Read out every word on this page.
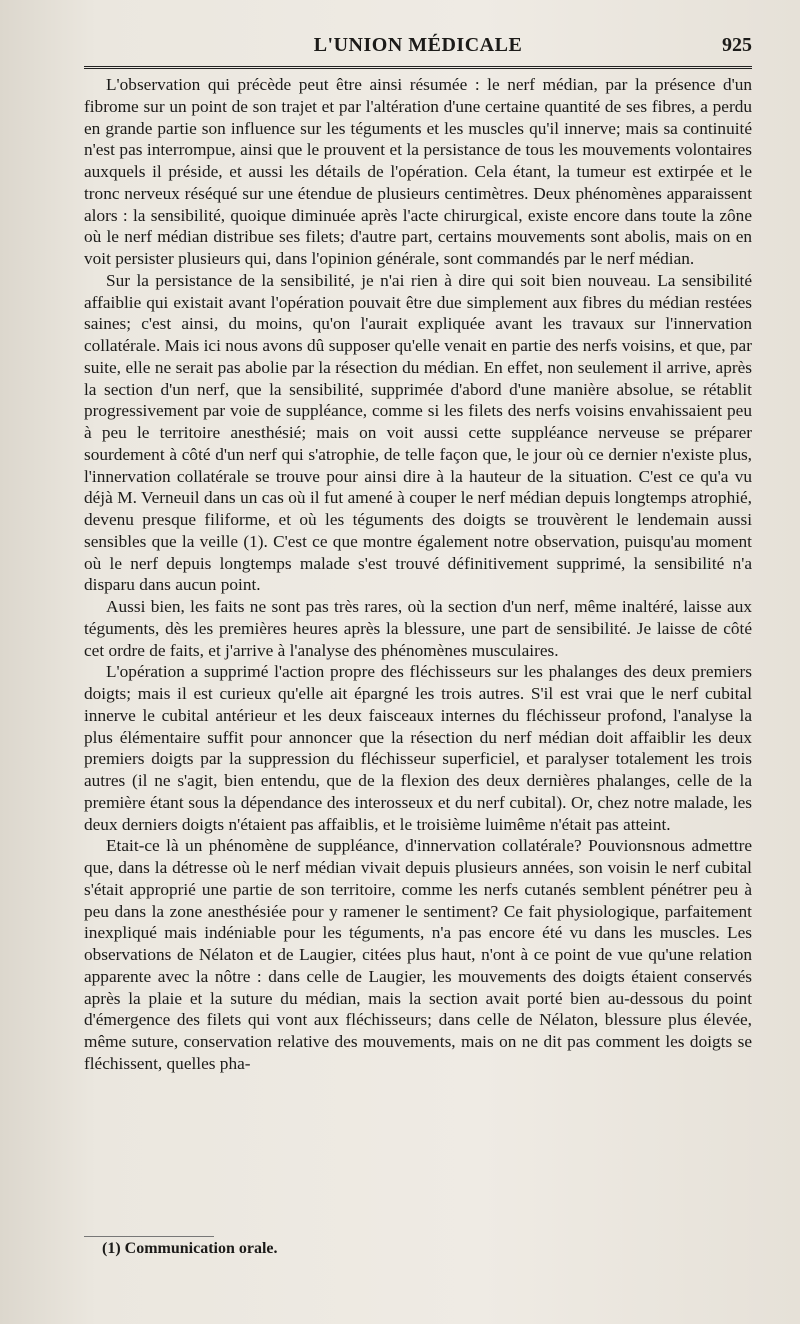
L'UNION MÉDICALE	925

L'observation qui précède peut être ainsi résumée : le nerf médian, par la présence d'un fibrome sur un point de son trajet et par l'altération d'une certaine quantité de ses fibres, a perdu en grande partie son influence sur les téguments et les muscles qu'il innerve; mais sa continuité n'est pas interrompue, ainsi que le prouvent et la persistance de tous les mouvements volontaires auxquels il préside, et aussi les détails de l'opération. Cela étant, la tumeur est extirpée et le tronc nerveux réséqué sur une étendue de plusieurs centimètres. Deux phénomènes apparaissent alors : la sensibilité, quoique diminuée après l'acte chirurgical, existe encore dans toute la zône où le nerf médian distribue ses filets; d'autre part, certains mouvements sont abolis, mais on en voit persister plusieurs qui, dans l'opinion générale, sont commandés par le nerf médian.

Sur la persistance de la sensibilité, je n'ai rien à dire qui soit bien nouveau. La sensibilité affaiblie qui existait avant l'opération pouvait être due simplement aux fibres du médian restées saines; c'est ainsi, du moins, qu'on l'aurait expliquée avant les travaux sur l'innervation collatérale. Mais ici nous avons dû supposer qu'elle venait en partie des nerfs voisins, et que, par suite, elle ne serait pas abolie par la résection du médian. En effet, non seulement il arrive, après la section d'un nerf, que la sensibilité, supprimée d'abord d'une manière absolue, se rétablit progressivement par voie de suppléance, comme si les filets des nerfs voisins envahissaient peu à peu le territoire anesthésié; mais on voit aussi cette suppléance nerveuse se préparer sourdement à côté d'un nerf qui s'atrophie, de telle façon que, le jour où ce dernier n'existe plus, l'innervation collatérale se trouve pour ainsi dire à la hauteur de la situation. C'est ce qu'a vu déjà M. Verneuil dans un cas où il fut amené à couper le nerf médian depuis longtemps atrophié, devenu presque filiforme, et où les téguments des doigts se trouvèrent le lendemain aussi sensibles que la veille (1). C'est ce que montre également notre observation, puisqu'au moment où le nerf depuis longtemps malade s'est trouvé définitivement supprimé, la sensibilité n'a disparu dans aucun point.

Aussi bien, les faits ne sont pas très rares, où la section d'un nerf, même inaltéré, laisse aux téguments, dès les premières heures après la blessure, une part de sensibilité. Je laisse de côté cet ordre de faits, et j'arrive à l'analyse des phénomènes musculaires.

L'opération a supprimé l'action propre des fléchisseurs sur les phalanges des deux premiers doigts; mais il est curieux qu'elle ait épargné les trois autres. S'il est vrai que le nerf cubital innerve le cubital antérieur et les deux faisceaux internes du fléchisseur profond, l'analyse la plus élémentaire suffit pour annoncer que la résection du nerf médian doit affaiblir les deux premiers doigts par la suppression du fléchisseur superficiel, et paralyser totalement les trois autres (il ne s'agit, bien entendu, que de la flexion des deux dernières phalanges, celle de la première étant sous la dépendance des interosseux et du nerf cubital). Or, chez notre malade, les deux derniers doigts n'étaient pas affaiblis, et le troisième luimême n'était pas atteint.

Etait-ce là un phénomène de suppléance, d'innervation collatérale? Pouvionsnous admettre que, dans la détresse où le nerf médian vivait depuis plusieurs années, son voisin le nerf cubital s'était approprié une partie de son territoire, comme les nerfs cutanés semblent pénétrer peu à peu dans la zone anesthésiée pour y ramener le sentiment? Ce fait physiologique, parfaitement inexpliqué mais indéniable pour les téguments, n'a pas encore été vu dans les muscles. Les observations de Nélaton et de Laugier, citées plus haut, n'ont à ce point de vue qu'une relation apparente avec la nôtre : dans celle de Laugier, les mouvements des doigts étaient conservés après la plaie et la suture du médian, mais la section avait porté bien au-dessous du point d'émergence des filets qui vont aux fléchisseurs; dans celle de Nélaton, blessure plus élevée, même suture, conservation relative des mouvements, mais on ne dit pas comment les doigts se fléchissent, quelles pha-

(1) Communication orale.
